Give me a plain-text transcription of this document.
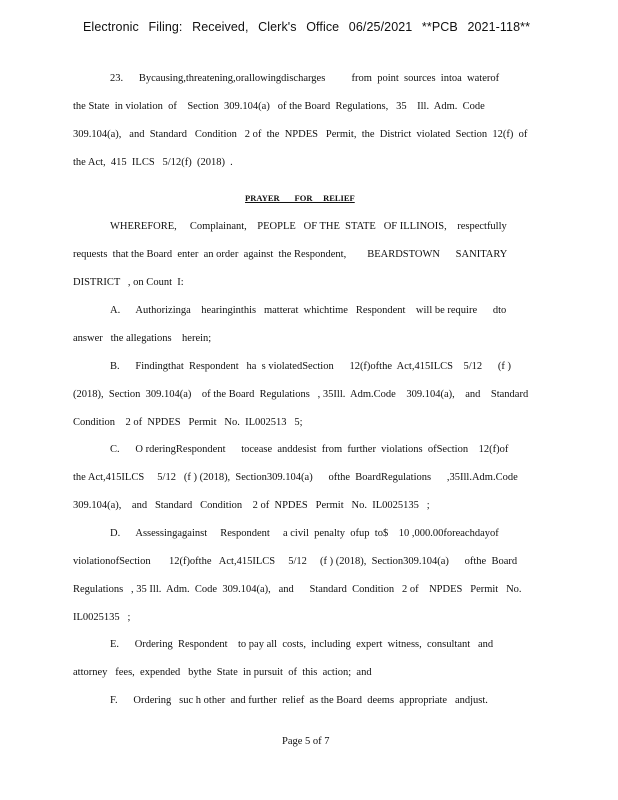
Electronic Filing: Received, Clerk's Office 06/25/2021 **PCB 2021-118**
23.      Bycausing,threatening,orallowingdischarges          from  point  sources  intoa  waterof
the State  in violation  of    Section  309.104(a)   of the Board  Regulations,   35    Ill.  Adm.  Code
309.104(a),   and  Standard   Condition   2 of  the  NPDES   Permit,  the  District  violated  Section  12(f)  of
the Act,  415  ILCS   5/12(f)  (2018)  .
PRAYER       FOR     RELIEF
WHEREFORE,     Complainant,    PEOPLE   OF THE  STATE   OF ILLINOIS,    respectfully
requests  that the Board  enter  an order  against  the Respondent,        BEARDSTOWN      SANITARY
DISTRICT   , on Count  I:
A.      Authorizinga    hearinginthis   matterat  whichtime   Respondent    will be require      dto
answer   the allegations    herein;
B.      Findingthat  Respondent   ha  s violatedSection      12(f)ofthe  Act,415ILCS    5/12      (f )
(2018),  Section  309.104(a)    of the Board  Regulations   , 35Ill.  Adm.Code    309.104(a),    and    Standard
Condition    2 of  NPDES   Permit   No.  IL002513   5;
C.      O rderingRespondent      tocease  anddesist  from  further  violations  ofSection    12(f)of
the Act,415ILCS     5/12   (f ) (2018),  Section309.104(a)      ofthe  BoardRegulations      ,35Ill.Adm.Code
309.104(a),    and   Standard   Condition    2 of  NPDES   Permit   No.  IL0025135   ;
D.      Assessingagainst     Respondent     a civil  penalty  ofup  to$    10 ,000.00foreachdayof
violationofSection       12(f)ofthe   Act,415ILCS     5/12     (f ) (2018),  Section309.104(a)      ofthe  Board
Regulations   , 35 Ill.  Adm.  Code  309.104(a),   and      Standard  Condition   2 of    NPDES   Permit   No.
IL0025135   ;
E.      Ordering  Respondent    to pay all  costs,  including  expert  witness,  consultant   and
attorney   fees,  expended   bythe  State  in pursuit  of  this  action;  and
F.      Ordering   suc h other  and further  relief  as the Board  deems  appropriate   andjust.
Page 5 of 7
